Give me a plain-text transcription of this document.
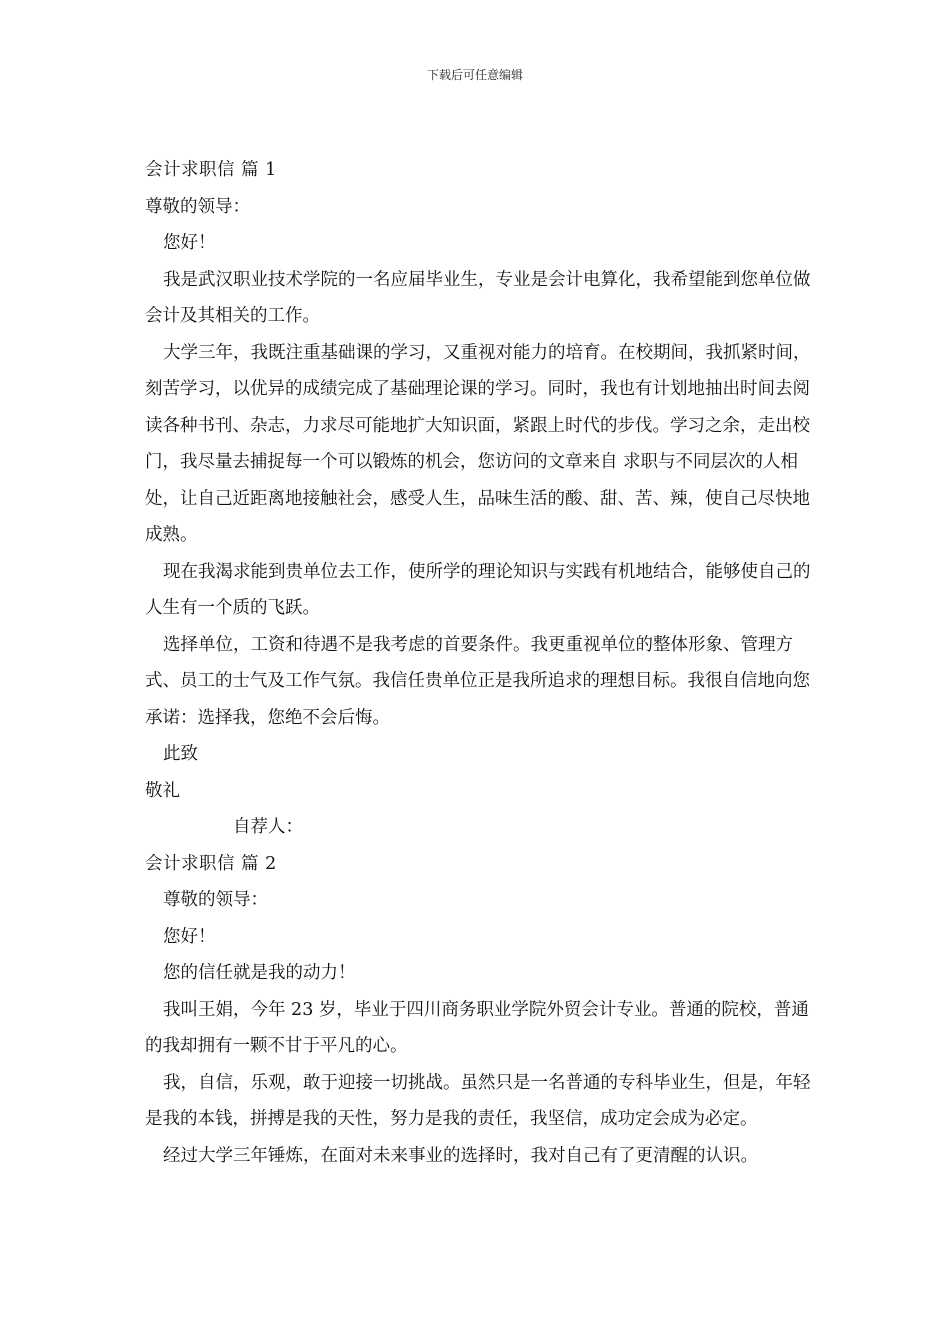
下载后可任意编辑

会计求职信 篇 1

尊敬的领导：

您好！

我是武汉职业技术学院的一名应届毕业生，专业是会计电算化，我希望能到您单位做会计及其相关的工作。

大学三年，我既注重基础课的学习，又重视对能力的培育。在校期间，我抓紧时间，刻苦学习，以优异的成绩完成了基础理论课的学习。同时，我也有计划地抽出时间去阅读各种书刊、杂志，力求尽可能地扩大知识面，紧跟上时代的步伐。学习之余，走出校门，我尽量去捕捉每一个可以锻炼的机会，您访问的文章来自 求职与不同层次的人相处，让自己近距离地接触社会，感受人生，品味生活的酸、甜、苦、辣，使自己尽快地成熟。

现在我渴求能到贵单位去工作，使所学的理论知识与实践有机地结合，能够使自己的人生有一个质的飞跃。

选择单位，工资和待遇不是我考虑的首要条件。我更重视单位的整体形象、管理方式、员工的士气及工作气氛。我信任贵单位正是我所追求的理想目标。我很自信地向您承诺：选择我，您绝不会后悔。

此致

敬礼

自荐人：

会计求职信 篇 2

尊敬的领导：

您好！

您的信任就是我的动力！

我叫王娟，今年 23 岁，毕业于四川商务职业学院外贸会计专业。普通的院校，普通的我却拥有一颗不甘于平凡的心。

我，自信，乐观，敢于迎接一切挑战。虽然只是一名普通的专科毕业生，但是，年轻是我的本钱，拼搏是我的天性，努力是我的责任，我坚信，成功定会成为必定。

经过大学三年锤炼，在面对未来事业的选择时，我对自己有了更清醒的认识。
